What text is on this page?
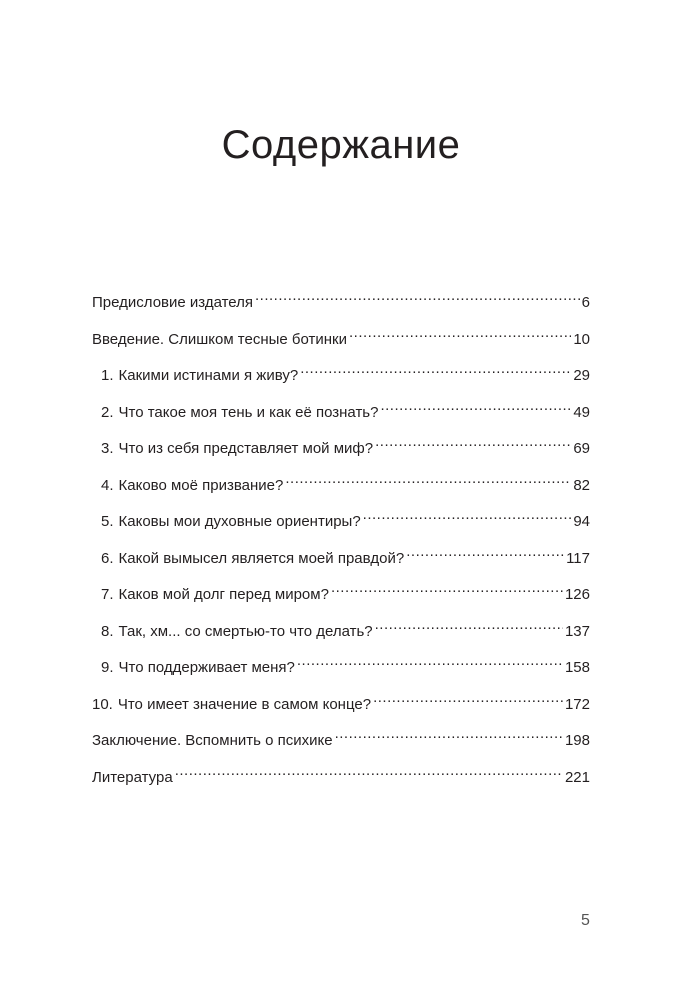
Содержание
Предисловие издателя .....	6
Введение. Слишком тесные ботинки .....	10
1. Какими истинами я живу? .....	29
2. Что такое моя тень и как её познать? .....	49
3. Что из себя представляет мой миф? .....	69
4. Каково моё призвание? .....	82
5. Каковы мои духовные ориентиры? .....	94
6. Какой вымысел является моей правдой? .....	117
7. Каков мой долг перед миром? .....	126
8. Так, хм... со смертью-то что делать? .....	137
9. Что поддерживает меня? .....	158
10. Что имеет значение в самом конце? .....	172
Заключение. Вспомнить о психике .....	198
Литература .....	221
5
